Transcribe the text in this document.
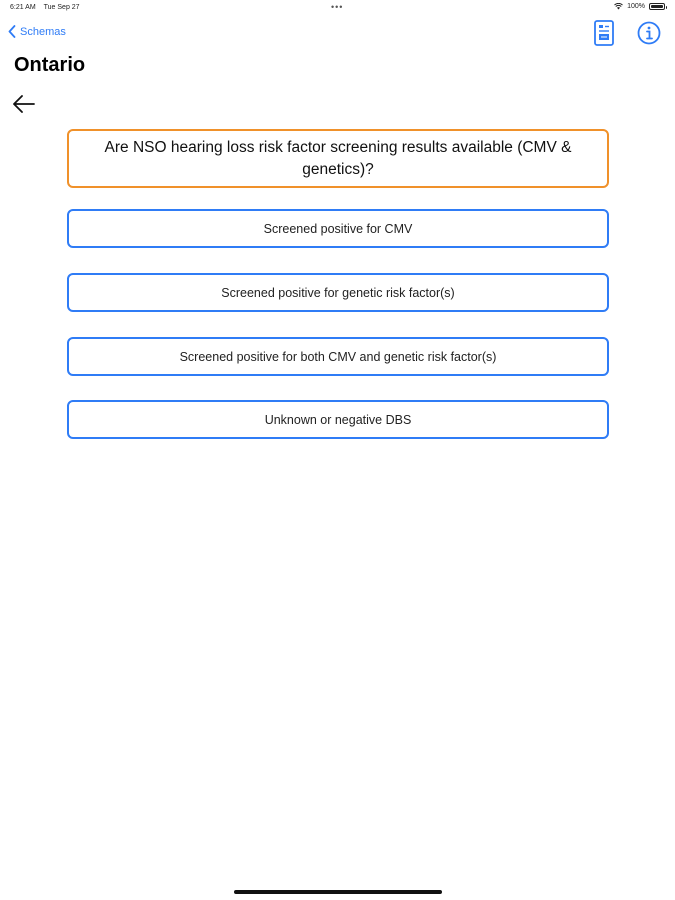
6:21 AM Tue Sep 27	•••	100%
Schemas
Ontario
Are NSO hearing loss risk factor screening results available (CMV & genetics)?
Screened positive for CMV
Screened positive for genetic risk factor(s)
Screened positive for both CMV and genetic risk factor(s)
Unknown or negative DBS
